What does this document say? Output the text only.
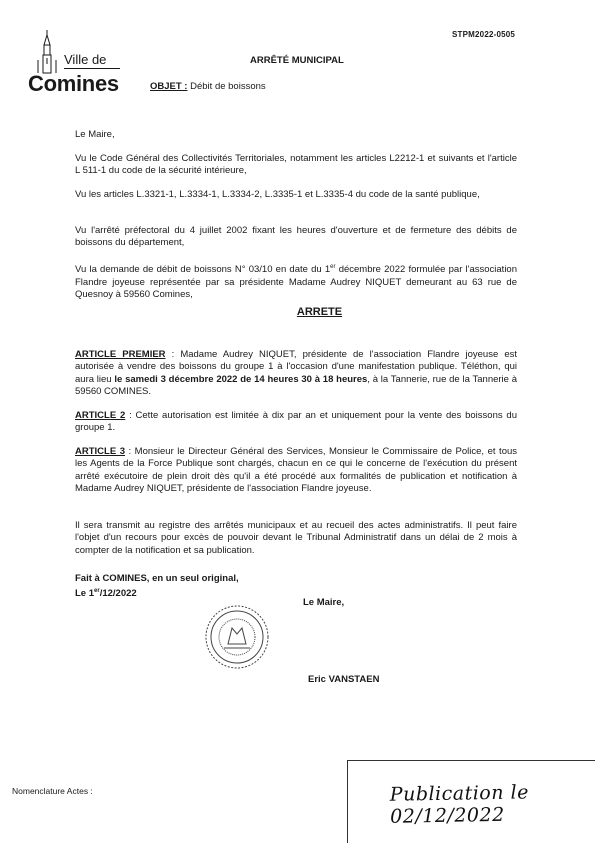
STPM2022-0505
Ville de
Comines
ARRÊTÉ MUNICIPAL
OBJET : Débit de boissons
Le Maire,
Vu le Code Général des Collectivités Territoriales, notamment les articles L2212-1 et suivants et l'article L 511-1 du code de la sécurité intérieure,
Vu les articles L.3321-1, L.3334-1, L.3334-2, L.3335-1 et L.3335-4 du code de la santé publique,
Vu l'arrêté préfectoral du 4 juillet 2002 fixant les heures d'ouverture et de fermeture des débits de boissons du département,
Vu la demande de débit de boissons N° 03/10 en date du 1er décembre 2022 formulée par l'association Flandre joyeuse représentée par sa présidente Madame Audrey NIQUET demeurant au 63 rue de Quesnoy à 59560 Comines,
ARRETE
ARTICLE PREMIER : Madame Audrey NIQUET, présidente de l'association Flandre joyeuse est autorisée à vendre des boissons du groupe 1 à l'occasion d'une manifestation publique. Téléthon, qui aura lieu le samedi 3 décembre 2022 de 14 heures 30 à 18 heures, à la Tannerie, rue de la Tannerie à 59560 COMINES.
ARTICLE 2 : Cette autorisation est limitée à dix par an et uniquement pour la vente des boissons du groupe 1.
ARTICLE 3 : Monsieur le Directeur Général des Services, Monsieur le Commissaire de Police, et tous les Agents de la Force Publique sont chargés, chacun en ce qui le concerne de l'exécution du présent arrêté exécutoire de plein droit dès qu'il a été procédé aux formalités de publication et notification à Madame Audrey NIQUET, présidente de l'association Flandre joyeuse.
Il sera transmit au registre des arrêtés municipaux et au recueil des actes administratifs. Il peut faire l'objet d'un recours pour excès de pouvoir devant le Tribunal Administratif dans un délai de 2 mois à compter de la notification et sa publication.
Fait à COMINES, en un seul original,
Le 1er/12/2022
Le Maire,
Eric VANSTAEN
Nomenclature Actes :	Publication le 02/12/2022
